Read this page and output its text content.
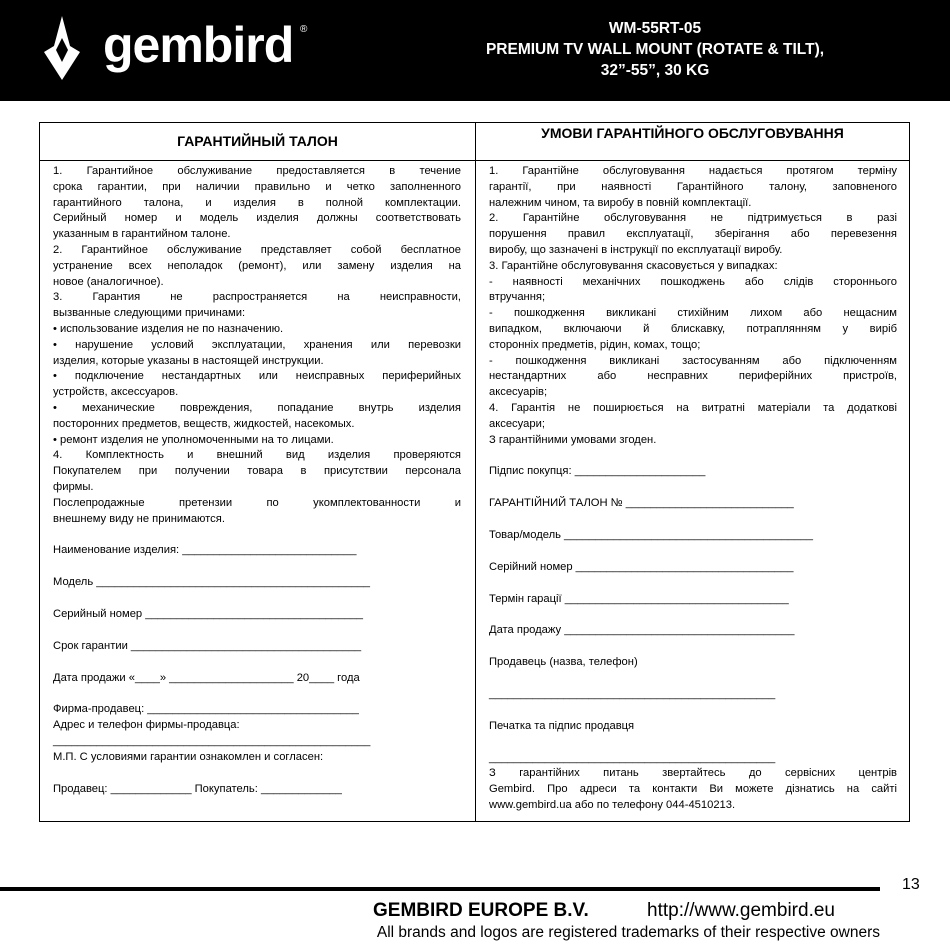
gembird ®	WM-55RT-05
PREMIUM TV WALL MOUNT (ROTATE & TILT),
32”-55”, 30 KG
ГАРАНТИЙНЫЙ ТАЛОН	УМОВИ ГАРАНТІЙНОГО ОБСЛУГОВУВАННЯ
1. Гарантийное обслуживание предоставляется в течение
срока гарантии, при наличии правильно и четко заполненного
гарантийного талона, и изделия в полной комплектации.
Серийный номер и модель изделия должны соответствовать
указанным в гарантийном талоне.
2. Гарантийное обслуживание представляет собой бесплатное
устранение всех неполадок (ремонт), или замену изделия на
новое (аналогичное).
3. Гарантия не распространяется на неисправности,
вызванные следующими причинами:
• использование изделия не по назначению.
• нарушение условий эксплуатации, хранения или перевозки
изделия, которые указаны в настоящей инструкции.
• подключение нестандартных или неисправных периферийных
устройств, аксессуаров.
• механические повреждения, попадание внутрь изделия
посторонних предметов, веществ, жидкостей, насекомых.
• ремонт изделия не уполномоченными на то лицами.
4. Комплектность и внешний вид изделия проверяются
Покупателем при получении товара в присутствии персонала
фирмы.
Послепродажные претензии по укомплектованности и
внешнему виду не принимаются.
Наименование изделия: ____________________________
Модель ____________________________________________
Серийный номер ___________________________________
Срок гарантии _____________________________________
Дата продажи «____» ____________________ 20____ года
Фирма-продавец: __________________________________
Адрес и телефон фирмы-продавца:
___________________________________________________
М.П. С условиями гарантии ознакомлен и согласен:
Продавец: _____________ Покупатель: _____________
1. Гарантійне обслуговування надається протягом терміну
гарантії, при наявності Гарантійного талону, заповненого
належним чином, та виробу в повній комплектації.
2. Гарантійне обслуговування не підтримується в разі
порушення правил експлуатації, зберігання або перевезення
виробу, що зазначені в інструкції по експлуатації виробу.
3. Гарантійне обслуговування скасовується у випадках:
- наявності механічних пошкоджень або слідів стороннього
втручання;
- пошкодження викликані стихійним лихом або нещасним
випадком, включаючи й блискавку, потраплянням у виріб
сторонніх предметів, рідин, комах, тощо;
- пошкодження викликані застосуванням або підключенням
нестандартних або несправних периферійних пристроїв,
аксесуарів;
4. Гарантія не поширюється на витратні матеріали та додаткові
аксесуари;
З гарантійними умовами згоден.
Підпис покупця: _____________________
ГАРАНТІЙНИЙ ТАЛОН № ___________________________
Товар/модель ________________________________________
Серійний номер ___________________________________
Термін гарації ____________________________________
Дата продажу _____________________________________
Продавець (назва, телефон)
______________________________________________
Печатка та підпис продавця
______________________________________________
З гарантійних питань звертайтесь до сервісних центрів
Gembird. Про адреси та контакти Ви можете дізнатись на сайті
www.gembird.ua або по телефону 044-4510213.
13
GEMBIRD EUROPE B.V.	http://www.gembird.eu
All brands and logos are registered trademarks of their respective owners
